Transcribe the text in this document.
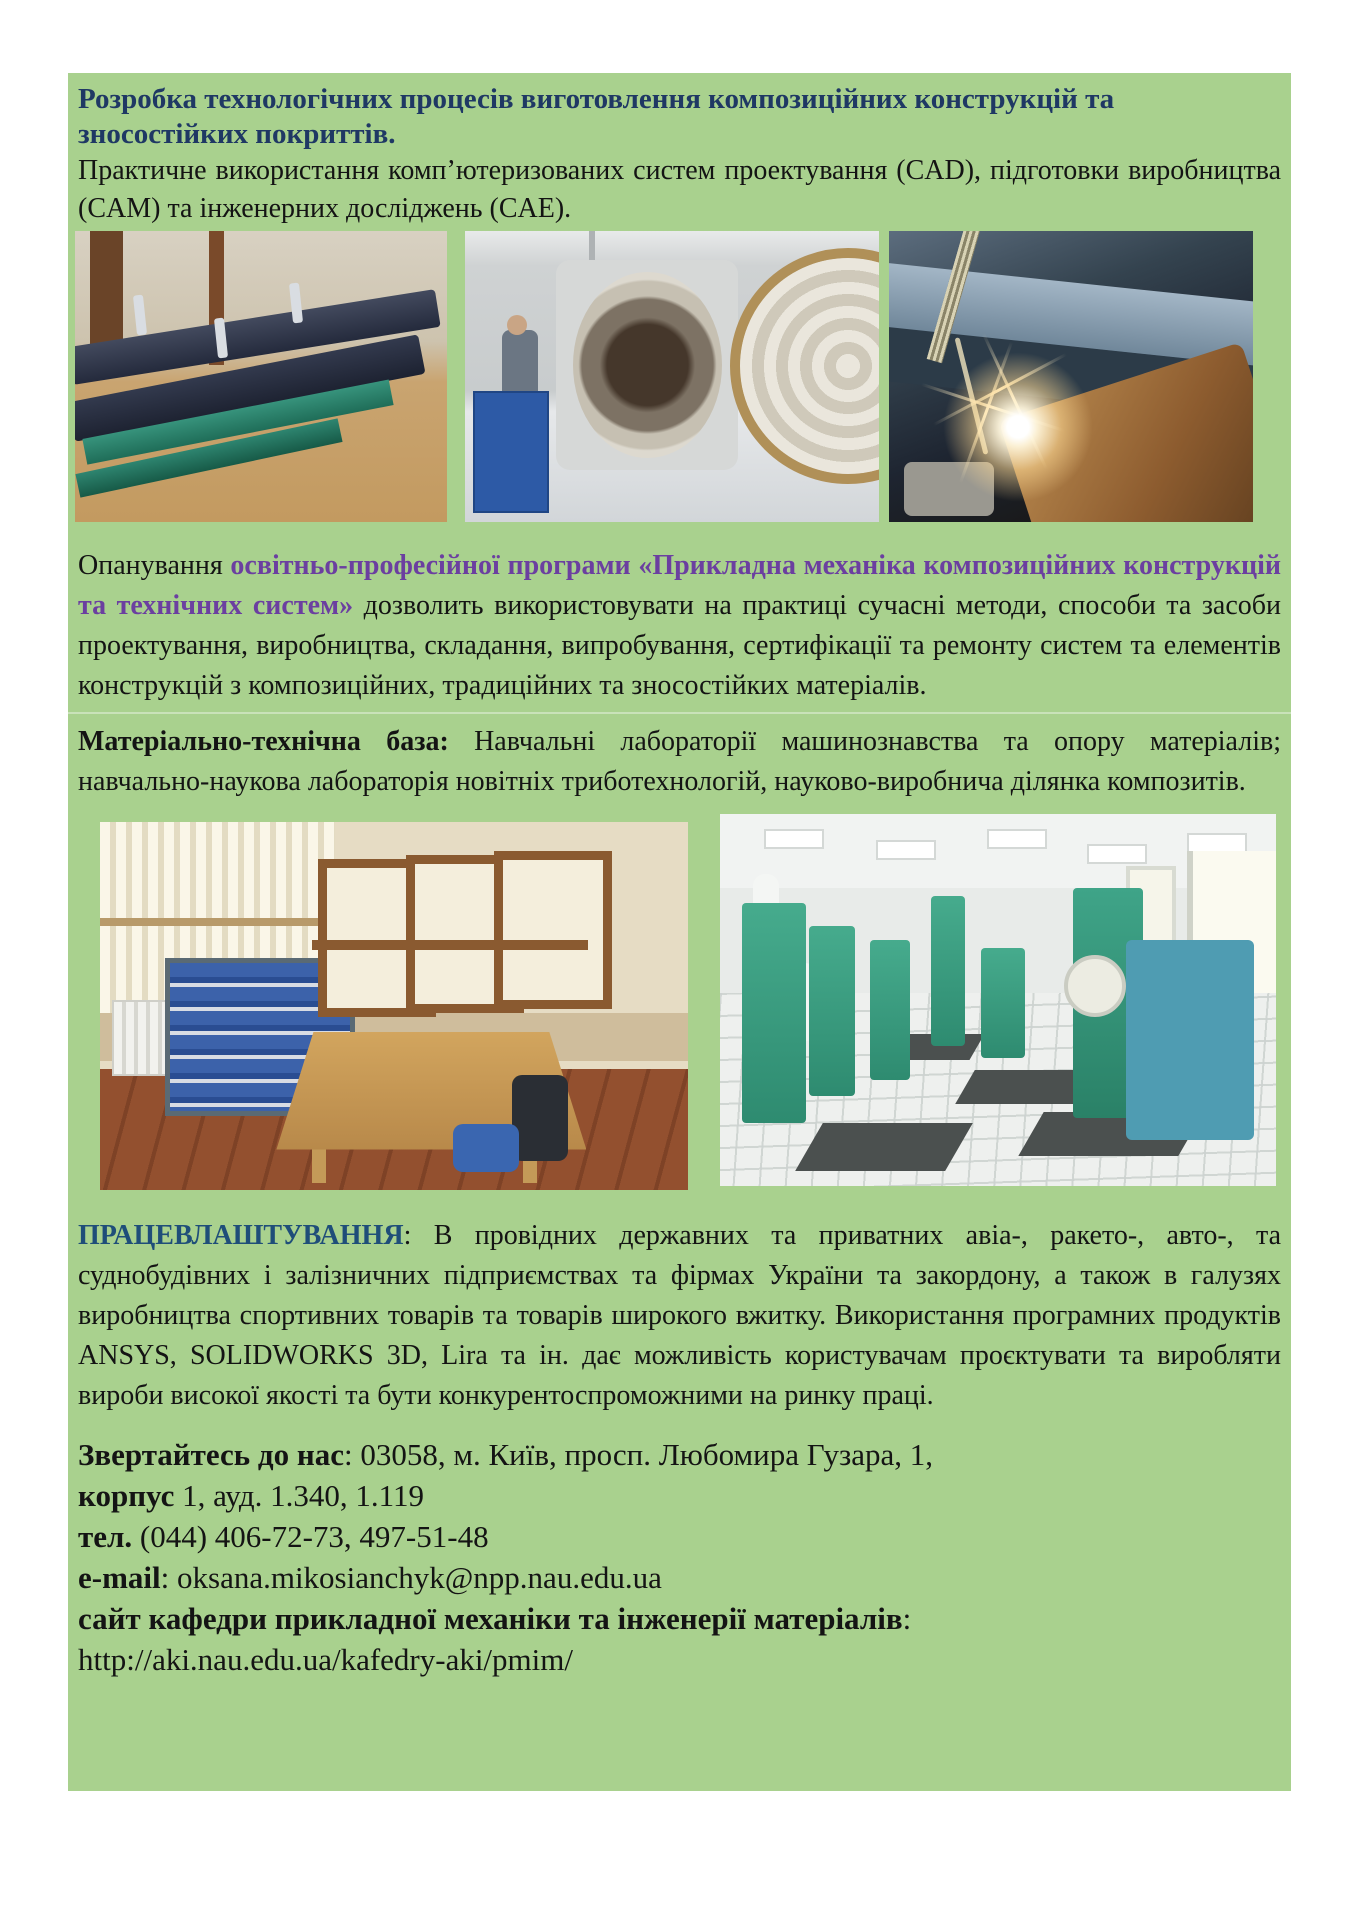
Розробка технологічних процесів виготовлення композиційних конструкцій та зносостійких покриттів.

Практичне використання комп’ютеризованих систем проектування (CAD), підготовки виробництва (CAM) та інженерних досліджень (CAE).

Опанування освітньо-професійної програми «Прикладна механіка композиційних конструкцій та технічних систем» дозволить використовувати на практиці сучасні методи, способи та засоби проектування, виробництва, складання, випробування, сертифікації та ремонту систем та елементів конструкцій з композиційних, традиційних та зносостійких матеріалів.

Матеріально-технічна база: Навчальні лабораторії машинознавства та опору матеріалів; навчально-наукова лабораторія новітніх триботехнологій, науково-виробнича ділянка композитів.

ПРАЦЕВЛАШТУВАННЯ: В провідних державних та приватних авіа-, ракето-, авто-, та суднобудівних і залізничних підприємствах та фірмах України та закордону, а також в галузях виробництва спортивних товарів та товарів широкого вжитку. Використання програмних продуктів ANSYS, SOLIDWORKS 3D, Lira та ін. дає можливість користувачам проєктувати та виробляти вироби високої якості та бути конкурентоспроможними на ринку праці.

Звертайтесь до нас: 03058, м. Київ, просп. Любомира Гузара, 1,
корпус 1, ауд. 1.340, 1.119
тел. (044) 406-72-73, 497-51-48
e-mail: oksana.mikosianchyk@npp.nau.edu.ua
сайт кафедри прикладної механіки та інженерії матеріалів:
http://aki.nau.edu.ua/kafedry-aki/pmim/
